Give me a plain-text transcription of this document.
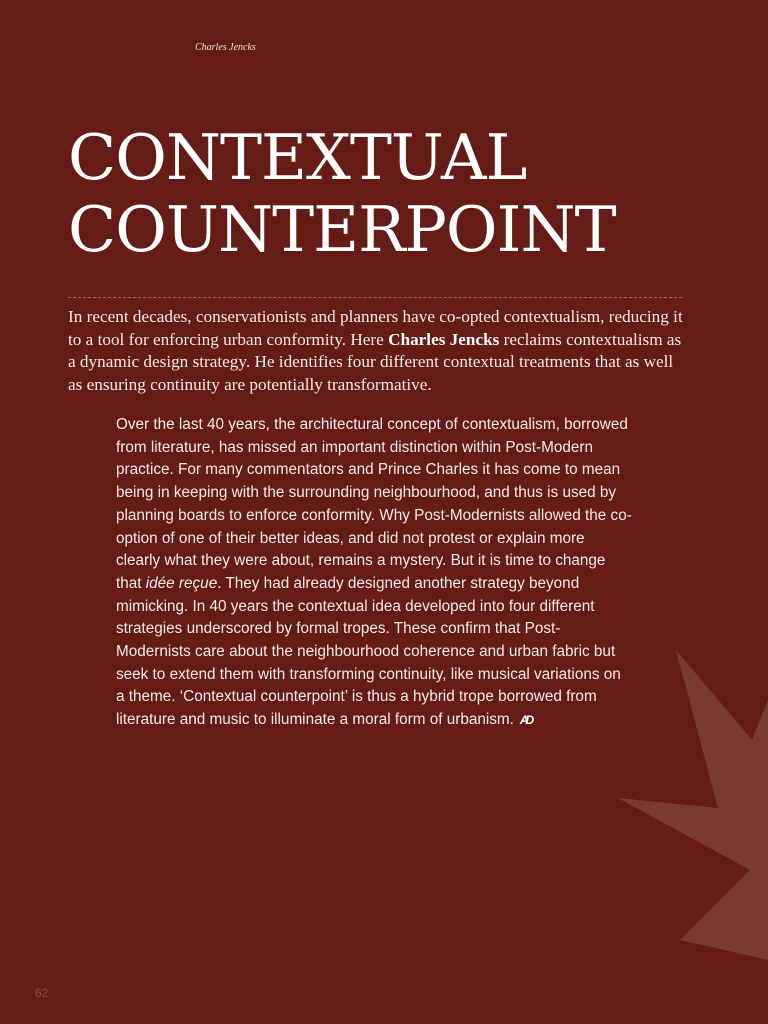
Charles Jencks
CONTEXTUAL
COUNTERPOINT

In recent decades, conservationists and planners have co-opted contextualism, reducing it to a tool for enforcing urban conformity. Here Charles Jencks reclaims contextualism as a dynamic design strategy. He identifies four different contextual treatments that as well as ensuring continuity are potentially transformative.

Over the last 40 years, the architectural concept of contextualism, borrowed from literature, has missed an important distinction within Post-Modern practice. For many commentators and Prince Charles it has come to mean being in keeping with the surrounding neighbourhood, and thus is used by planning boards to enforce conformity. Why Post-Modernists allowed the co-option of one of their better ideas, and did not protest or explain more clearly what they were about, remains a mystery. But it is time to change that idée reçue. They had already designed another strategy beyond mimicking. In 40 years the contextual idea developed into four different strategies underscored by formal tropes. These confirm that Post-Modernists care about the neighbourhood coherence and urban fabric but seek to extend them with transforming continuity, like musical variations on a theme. ‘Contextual counterpoint’ is thus a hybrid trope borrowed from literature and music to illuminate a moral form of urbanism. AD

62
